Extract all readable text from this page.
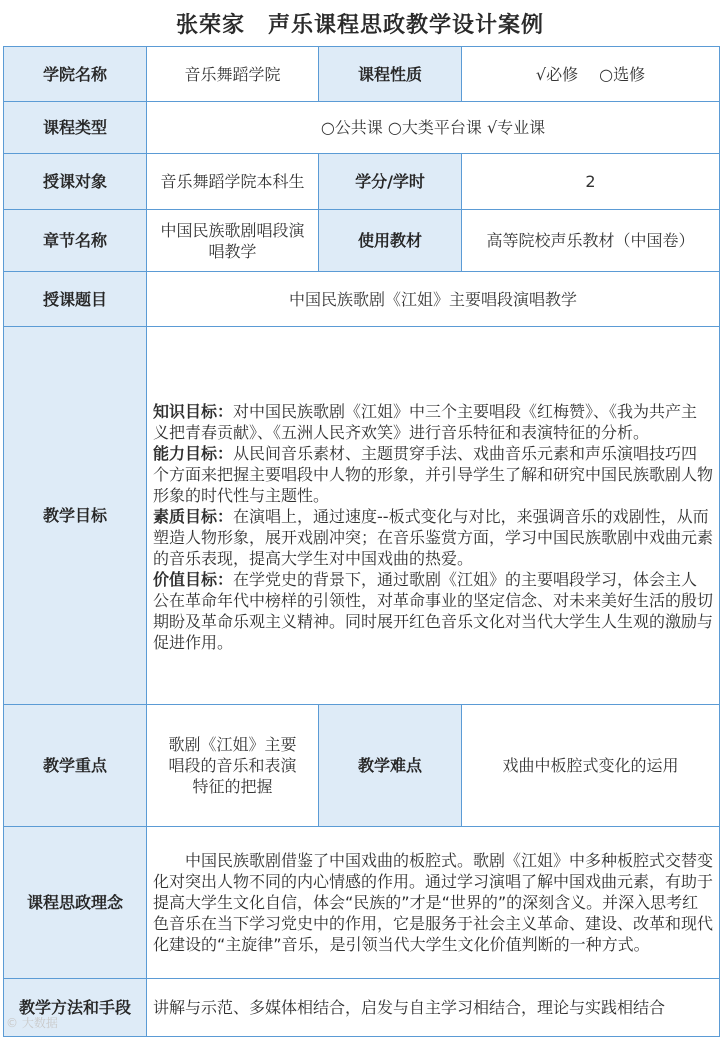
张荣家　声乐课程思政教学设计案例
学院名称	音乐舞蹈学院	课程性质	√必修　 ○选修
课程类型	○公共课 ○大类平台课 √专业课		
授课对象	音乐舞蹈学院本科生	学分/学时	2
章节名称	中国民族歌剧唱段演唱教学	使用教材	高等院校声乐教材（中国卷）
授课题目	中国民族歌剧《江姐》主要唱段演唱教学		
教学目标	知识目标：对中国民族歌剧《江姐》中三个主要唱段《红梅赞》、《我为共产主义把青春贡献》、《五洲人民齐欢笑》进行音乐特征和表演特征的分析。

能力目标：从民间音乐素材、主题贯穿手法、戏曲音乐元素和声乐演唱技巧四个方面来把握主要唱段中人物的形象，并引导学生了解和研究中国民族歌剧人物形象的时代性与主题性。

素质目标：在演唱上，通过速度--板式变化与对比，来强调音乐的戏剧性，从而塑造人物形象，展开戏剧冲突；在音乐鉴赏方面，学习中国民族歌剧中戏曲元素的音乐表现，提高大学生对中国戏曲的热爱。

价值目标：在学党史的背景下，通过歌剧《江姐》的主要唱段学习，体会主人公在革命年代中榜样的引领性，对革命事业的坚定信念、对未来美好生活的殷切期盼及革命乐观主义精神。同时展开红色音乐文化对当代大学生人生观的激励与促进作用。		

教学重点	歌剧《江姐》主要唱段的音乐和表演特征的把握	教学难点	戏曲中板腔式变化的运用
课程思政理念	中国民族歌剧借鉴了中国戏曲的板腔式。歌剧《江姐》中多种板腔式交替变化对突出人物不同的内心情感的作用。通过学习演唱了解中国戏曲元素，有助于提高大学生文化自信，体会“民族的”才是“世界的”的深刻含义。并深入思考红色音乐在当下学习党史中的作用，它是服务于社会主义革命、建设、改革和现代化建设的“主旋律”音乐，是引领当代大学生文化价值判断的一种方式。		

教学方法和手段	讲解与示范、多媒体相结合，启发与自主学习相结合，理论与实践相结合		
© 大数据
